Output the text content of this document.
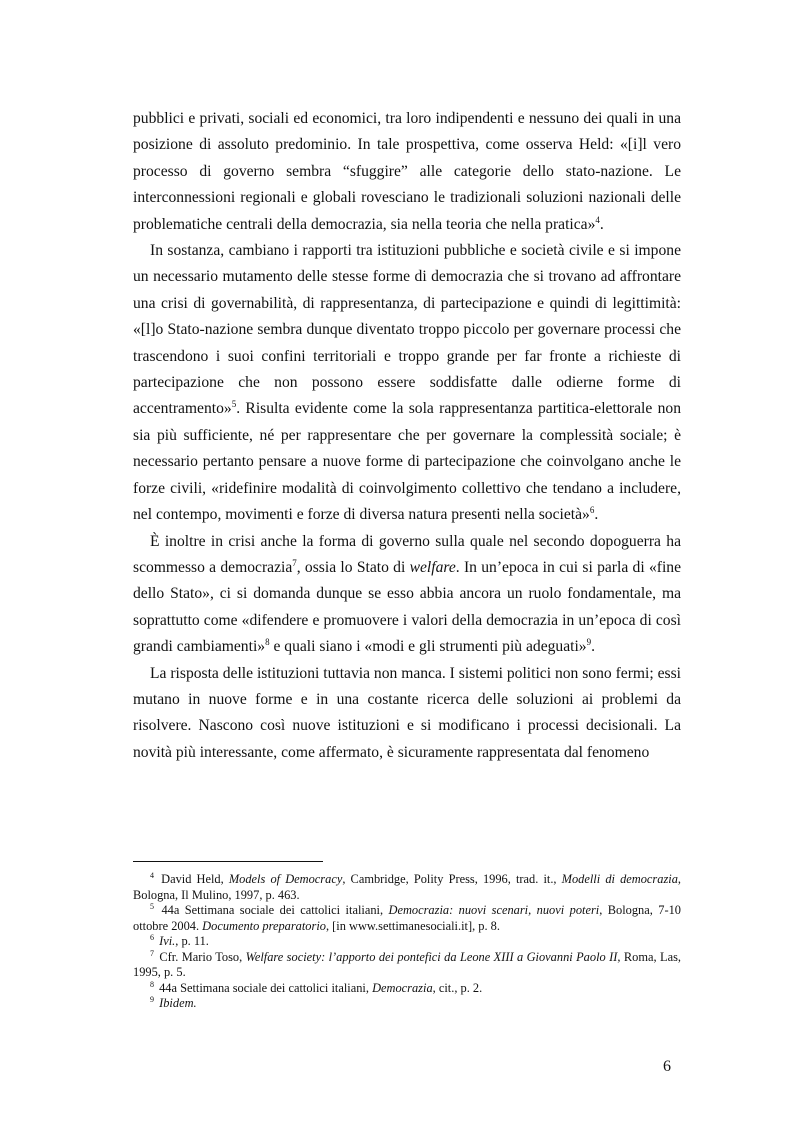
pubblici e privati, sociali ed economici, tra loro indipendenti e nessuno dei quali in una posizione di assoluto predominio. In tale prospettiva, come osserva Held: «[i]l vero processo di governo sembra “sfuggire” alle categorie dello stato-nazione. Le interconnessioni regionali e globali rovesciano le tradizionali soluzioni nazionali delle problematiche centrali della democrazia, sia nella teoria che nella pratica»$^4$.

In sostanza, cambiano i rapporti tra istituzioni pubbliche e società civile e si impone un necessario mutamento delle stesse forme di democrazia che si trovano ad affrontare una crisi di governabilità, di rappresentanza, di partecipazione e quindi di legittimità: «[l]o Stato-nazione sembra dunque diventato troppo piccolo per governare processi che trascendono i suoi confini territoriali e troppo grande per far fronte a richieste di partecipazione che non possono essere soddisfatte dalle odierne forme di accentramento»$^5$. Risulta evidente come la sola rappresentanza partitica-elettorale non sia più sufficiente, né per rappresentare che per governare la complessità sociale; è necessario pertanto pensare a nuove forme di partecipazione che coinvolgano anche le forze civili, «ridefinire modalità di coinvolgimento collettivo che tendano a includere, nel contempo, movimenti e forze di diversa natura presenti nella società»$^6$.

È inoltre in crisi anche la forma di governo sulla quale nel secondo dopoguerra ha scommesso a democrazia$^7$, ossia lo Stato di welfare. In un’epoca in cui si parla di «fine dello Stato», ci si domanda dunque se esso abbia ancora un ruolo fondamentale, ma soprattutto come «difendere e promuovere i valori della democrazia in un’epoca di così grandi cambiamenti»$^8$ e quali siano i «modi e gli strumenti più adeguati»$^9$.

La risposta delle istituzioni tuttavia non manca. I sistemi politici non sono fermi; essi mutano in nuove forme e in una costante ricerca delle soluzioni ai problemi da risolvere. Nascono così nuove istituzioni e si modificano i processi decisionali. La novità più interessante, come affermato, è sicuramente rappresentata dal fenomeno

$^4$ David Held, Models of Democracy, Cambridge, Polity Press, 1996, trad. it., Modelli di democrazia, Bologna, Il Mulino, 1997, p. 463.

$^5$ 44a Settimana sociale dei cattolici italiani, Democrazia: nuovi scenari, nuovi poteri, Bologna, 7-10 ottobre 2004. Documento preparatorio, [in www.settimanesociali.it], p. 8.

$^6$ Ivi., p. 11.

$^7$ Cfr. Mario Toso, Welfare society: l’apporto dei pontefici da Leone XIII a Giovanni Paolo II, Roma, Las, 1995, p. 5.

$^8$ 44a Settimana sociale dei cattolici italiani, Democrazia, cit., p. 2.

$^9$ Ibidem.

6
